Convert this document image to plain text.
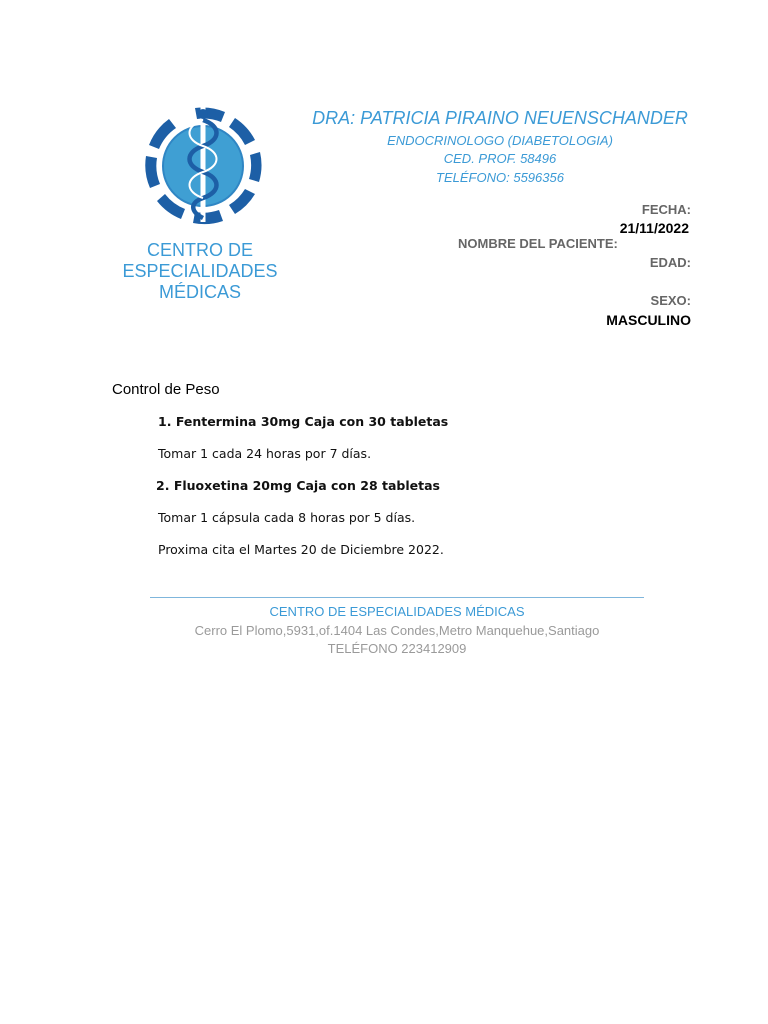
CENTRO DE
ESPECIALIDADES
MÉDICAS
DRA: PATRICIA PIRAINO NEUENSCHANDER
ENDOCRINOLOGO (DIABETOLOGIA)
CED. PROF. 58496
TELÉFONO: 5596356
FECHA:
21/11/2022
NOMBRE DEL PACIENTE:
EDAD:
SEXO:
MASCULINO
Control de Peso
1. Fentermina 30mg Caja con 30 tabletas
Tomar 1 cada 24 horas por 7 días.
2. Fluoxetina 20mg Caja con 28 tabletas
Tomar 1 cápsula cada 8 horas por 5 días.
Proxima cita el Martes 20 de Diciembre 2022.
CENTRO DE ESPECIALIDADES MÉDICAS
Cerro El Plomo,5931,of.1404 Las Condes,Metro Manquehue,Santiago
TELÉFONO 223412909
